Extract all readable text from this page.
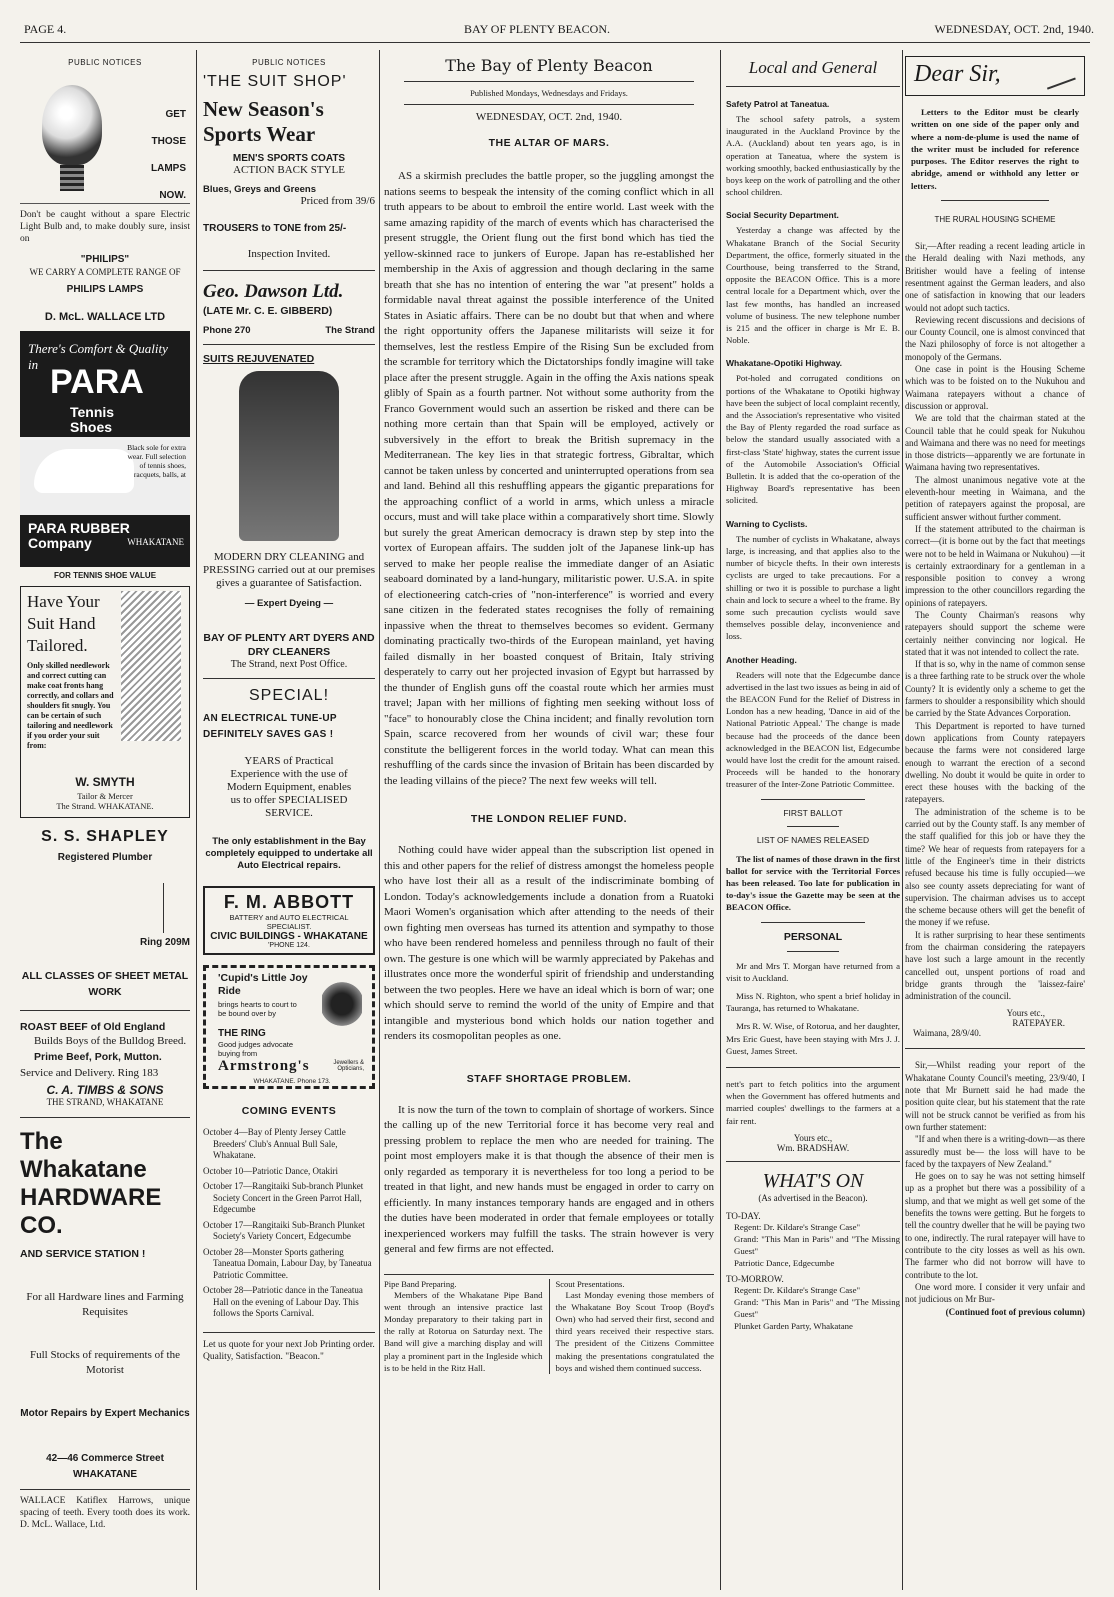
PAGE 4.	BAY OF PLENTY BEACON.	WEDNESDAY, OCT. 2nd, 1940.
PUBLIC NOTICES
GET
THOSE
LAMPS
NOW.
Don't be caught without a spare Electric Light Bulb and, to make doubly sure, insist on
"PHILIPS"
WE CARRY A COMPLETE RANGE OF
PHILIPS LAMPS
D. McL. WALLACE LTD
There's Comfort & Quality in PARA
Tennis Shoes
Black sole for extra wear. Full selection of tennis shoes, racquets, balls, at
PARA RUBBER Company	WHAKATANE
FOR TENNIS SHOE VALUE
Have Your Suit Hand Tailored.
Only skilled needlework and correct cutting can make coat fronts hang correctly, and collars and shoulders fit snugly. You can be certain of such tailoring and needlework if you order your suit from:
W. SMYTH
Tailor & Mercer
The Strand. WHAKATANE.
S. S. SHAPLEY
Registered Plumber
Ring 209M
ALL CLASSES OF SHEET METAL WORK
ROAST BEEF of Old England
Builds Boys of the Bulldog Breed.
Prime Beef, Pork, Mutton.
Service and Delivery. Ring 183
C. A. TIMBS & SONS
THE STRAND, WHAKATANE
The Whakatane HARDWARE CO.
AND SERVICE STATION !
For all Hardware lines and Farming Requisites
Full Stocks of requirements of the Motorist
Motor Repairs by Expert Mechanics
42—46 Commerce Street WHAKATANE
WALLACE Katiflex Harrows, unique spacing of teeth. Every tooth does its work. D. McL. Wallace, Ltd.
PUBLIC NOTICES
'THE SUIT SHOP'
New Season's Sports Wear
MEN'S SPORTS COATS
ACTION BACK STYLE
Blues, Greys and Greens
Priced from 39/6
TROUSERS to TONE from 25/-
Inspection Invited.
Geo. Dawson Ltd.
(LATE Mr. C. E. GIBBERD)
Phone 270	The Strand
SUITS REJUVENATED
MODERN DRY CLEANING and PRESSING carried out at our premises gives a guarantee of Satisfaction.
— Expert Dyeing —
BAY OF PLENTY ART DYERS AND DRY CLEANERS
The Strand, next Post Office.
SPECIAL!
AN ELECTRICAL TUNE-UP DEFINITELY SAVES GAS !
YEARS of Practical Experience with the use of Modern Equipment, enables us to offer SPECIALISED SERVICE.
The only establishment in the Bay completely equipped to undertake all Auto Electrical repairs.
F. M. ABBOTT
BATTERY and AUTO ELECTRICAL SPECIALIST.
CIVIC BUILDINGS - WHAKATANE
'PHONE 124.
'Cupid's Little Joy Ride
brings hearts to court to be bound over by
THE RING
Good judges advocate buying from
Armstrong's	Jewellers & Opticians,
WHAKATANE. Phone 173.
COMING EVENTS
October 4—Bay of Plenty Jersey Cattle Breeders' Club's Annual Bull Sale, Whakatane.
October 10—Patriotic Dance, Otakiri
October 17—Rangitaiki Sub-branch Plunket Society Concert in the Green Parrot Hall, Edgecumbe
October 17—Rangitaiki Sub-Branch Plunket Society's Variety Concert, Edgecumbe
October 28—Monster Sports gathering Taneatua Domain, Labour Day, by Taneatua Patriotic Committee.
October 28—Patriotic dance in the Taneatua Hall on the evening of Labour Day. This follows the Sports Carnival.
Let us quote for your next Job Printing order. Quality, Satisfaction. "Beacon."
The Bay of Plenty Beacon
Published Mondays, Wednesdays and Fridays.
WEDNESDAY, OCT. 2nd, 1940.
THE ALTAR OF MARS.

AS a skirmish precludes the battle proper, so the juggling amongst the nations seems to bespeak the intensity of the coming conflict which in all truth appears to be about to embroil the entire world. Last week with the same amazing rapidity of the march of events which has characterised the present struggle, the Orient flung out the first bond which has tied the yellow-skinned race to junkers of Europe. Japan has re-established her membership in the Axis of aggression and though declaring in the same breath that she has no intention of entering the war "at present" holds a formidable naval threat against the possible interference of the United States in Asiatic affairs. There can be no doubt but that when and where the right opportunity offers the Japanese militarists will seize it for themselves, lest the restless Empire of the Rising Sun be excluded from the scramble for territory which the Dictatorships fondly imagine will take place after the present struggle. Again in the offing the Axis nations speak glibly of Spain as a fourth partner. Not without some authority from the Franco Government would such an assertion be risked and there can be nothing more certain than that Spain will be employed, actively or subversively in the effort to break the British supremacy in the Mediterranean. The key lies in that strategic fortress, Gibraltar, which cannot be taken unless by concerted and uninterrupted operations from sea and land. Behind all this reshuffling appears the gigantic preparations for the approaching conflict of a world in arms, which unless a miracle occurs, must and will take place within a comparatively short time. Slowly but surely the great American democracy is drawn step by step into the vortex of European affairs. The sudden jolt of the Japanese link-up has served to make her people realise the immediate danger of an Asiatic seaboard dominated by a land-hungary, militaristic power. U.S.A. in spite of electioneering catch-cries of "non-interference" is worried and every sane citizen in the federated states recognises the folly of remaining inpassive when the threat to themselves becomes so evident. Germany dominating practically two-thirds of the European mainland, yet having failed dismally in her boasted conquest of Britain, Italy striving desperately to carry out her projected invasion of Egypt but harrassed by the thunder of English guns off the coastal route which her armies must travel; Japan with her millions of fighting men seeking without loss of "face" to honourably close the China incident; and finally revolution torn Spain, scarce recovered from her wounds of civil war; these four constitute the belligerent forces in the world today. What can mean this reshuffling of the cards since the invasion of Britain has been discarded by the leading villains of the piece? The next few weeks will tell.

THE LONDON RELIEF FUND.

Nothing could have wider appeal than the subscription list opened in this and other papers for the relief of distress amongst the homeless people who have lost their all as a result of the indiscriminate bombing of London. Today's acknowledgements include a donation from a Ruatoki Maori Women's organisation which after attending to the needs of their own fighting men overseas has turned its attention and sympathy to those who have been rendered homeless and penniless through no fault of their own. The gesture is one which will be warmly appreciated by Pakehas and illustrates once more the wonderful spirit of friendship and understanding between the two peoples. Here we have an ideal which is born of war; one which should serve to remind the world of the unity of Empire and that intangible and mysterious bond which holds our nation together and renders its cosmopolitan peoples as one.

STAFF SHORTAGE PROBLEM.

It is now the turn of the town to complain of shortage of workers. Since the calling up of the new Territorial force it has become very real and pressing problem to replace the men who are needed for training. The point most employers make it is that though the absence of their men is only regarded as temporary it is nevertheless for too long a period to be treated in that light, and new hands must be engaged in order to carry on efficiently. In many instances temporary hands are engaged and in others the duties have been moderated in order that female employees or totally inexperienced workers may fulfill the tasks. The strain however is very general and few firms are not effected.

Pipe Band Preparing.

Members of the Whakatane Pipe Band went through an intensive practice last Monday preparatory to their taking part in the rally at Rotorua on Saturday next. The Band will give a marching display and will play a prominent part in the Ingleside which is to be held in the Ritz Hall.

Scout Presentations.

Last Monday evening those members of the Whakatane Boy Scout Troop (Boyd's Own) who had served their first, second and third years received their respective stars. The president of the Citizens Committee making the presentations congratulated the boys and wished them continued success.

Local and General
Safety Patrol at Taneatua.

The school safety patrols, a system inaugurated in the Auckland Province by the A.A. (Auckland) about ten years ago, is in operation at Taneatua, where the system is working smoothly, backed enthusiastically by the boys keep on the work of patrolling and the other school children.

Social Security Department.

Yesterday a change was affected by the Whakatane Branch of the Social Security Department, the office, formerly situated in the Courthouse, being transferred to the Strand, opposite the BEACON Office. This is a more central locale for a Department which, over the last few months, has handled an increased volume of business. The new telephone number is 215 and the officer in charge is Mr E. B. Noble.

Whakatane-Opotiki Highway.

Pot-holed and corrugated conditions on portions of the Whakatane to Opotiki highway have been the subject of local complaint recently, and the Association's representative who visited the Bay of Plenty regarded the road surface as below the standard usually associated with a first-class 'State' highway, states the current issue of the Automobile Association's Official Bulletin. It is added that the co-operation of the Highway Board's representative has been solicited.

Warning to Cyclists.

The number of cyclists in Whakatane, always large, is increasing, and that applies also to the number of bicycle thefts. In their own interests cyclists are urged to take precautions. For a shilling or two it is possible to purchase a light chain and lock to secure a wheel to the frame. By some such precaution cyclists would save themselves possible delay, inconvenience and loss.

Another Heading.

Readers will note that the Edgecumbe dance advertised in the last two issues as being in aid of the BEACON Fund for the Relief of Distress in London has a new heading, 'Dance in aid of the National Patriotic Appeal.' The change is made because had the proceeds of the dance been acknowledged in the BEACON list, Edgecumbe would have lost the credit for the amount raised. Proceeds will be handed to the honorary treasurer of the Inter-Zone Patriotic Committee.

FIRST BALLOT
LIST OF NAMES RELEASED

The list of names of those drawn in the first ballot for service with the Territorial Forces has been released. Too late for publication in to-day's issue the Gazette may be seen at the BEACON Office.

PERSONAL

Mr and Mrs T. Morgan have returned from a visit to Auckland.

Miss N. Righton, who spent a brief holiday in Tauranga, has returned to Whakatane.

Mrs R. W. Wise, of Rotorua, and her daughter, Mrs Eric Guest, have been staying with Mrs J. J. Guest, James Street.

nett's part to fetch politics into the argument when the Government has offered hutments and married couples' dwellings to the farmers at a fair rent.

Yours etc.,
Wm. BRADSHAW.
WHAT'S ON
(As advertised in the Beacon).
TO-DAY.
Regent: Dr. Kildare's Strange Case"
Grand: "This Man in Paris" and "The Missing Guest"
Patriotic Dance, Edgecumbe
TO-MORROW.
Regent: Dr. Kildare's Strange Case"
Grand: "This Man in Paris" and "The Missing Guest"
Plunket Garden Party, Whakatane
Dear Sir,

Letters to the Editor must be clearly written on one side of the paper only and where a nom-de-plume is used the name of the writer must be included for reference purposes. The Editor reserves the right to abridge, amend or withhold any letter or letters.

THE RURAL HOUSING SCHEME

Sir,—After reading a recent leading article in the Herald dealing with Nazi methods, any Britisher would have a feeling of intense resentment against the German leaders, and also one of satisfaction in knowing that our leaders would not adopt such tactics.

Reviewing recent discussions and decisions of our County Council, one is almost convinced that the Nazi philosophy of force is not altogether a monopoly of the Germans.

One case in point is the Housing Scheme which was to be foisted on to the Nukuhou and Waimana ratepayers without a chance of discussion or approval.

We are told that the chairman stated at the Council table that he could speak for Nukuhou and Waimana and there was no need for meetings in those districts—apparently we are fortunate in Waimana having two representatives.

The almost unanimous negative vote at the eleventh-hour meeting in Waimana, and the petition of ratepayers against the proposal, are sufficient answer without further comment.

If the statement attributed to the chairman is correct—(it is borne out by the fact that meetings were not to be held in Waimana or Nukuhou) —it is certainly extraordinary for a gentleman in a responsible position to convey a wrong impression to the other councillors regarding the opinions of ratepayers.

The County Chairman's reasons why ratepayers should support the scheme were certainly neither convincing nor logical. He stated that it was not intended to collect the rate.

If that is so, why in the name of common sense is a three farthing rate to be struck over the whole County? It is evidently only a scheme to get the farmers to shoulder a responsibility which should be carried by the State Advances Corporation.

This Department is reported to have turned down applications from County ratepayers because the farms were not considered large enough to warrant the erection of a second dwelling. No doubt it would be quite in order to erect these houses with the backing of the ratepayers.

The administration of the scheme is to be carried out by the County staff. Is any member of the staff qualified for this job or have they the time? We hear of requests from ratepayers for a little of the Engineer's time in their districts refused because his time is fully occupied—we also see county assets depreciating for want of supervision. The chairman advises us to accept the scheme because others will get the benefit of the money if we refuse.

It is rather surprising to hear these sentiments from the chairman considering the ratepayers have lost such a large amount in the recently cancelled out, unspent portions of road and bridge grants through the 'laissez-faire' administration of the council.

Yours etc.,
RATEPAYER.
Waimana, 28/9/40.

Sir,—Whilst reading your report of the Whakatane County Council's meeting, 23/9/40, I note that Mr Burnett said he had made the position quite clear, but his statement that the rate will not be struck cannot be verified as from his own further statement:

"If and when there is a writing-down—as there assuredly must be— the loss will have to be faced by the taxpayers of New Zealand."

He goes on to say he was not setting himself up as a prophet but there was a possibility of a slump, and that we might as well get some of the benefits the towns were getting. But he forgets to tell the country dweller that he will be paying two to one, indirectly. The rural ratepayer will have to contribute to the city losses as well as his own. The farmer who did not borrow will have to contribute to the lot.

One word more. I consider it very unfair and not judicious on Mr Bur-

(Continued foot of previous column)
